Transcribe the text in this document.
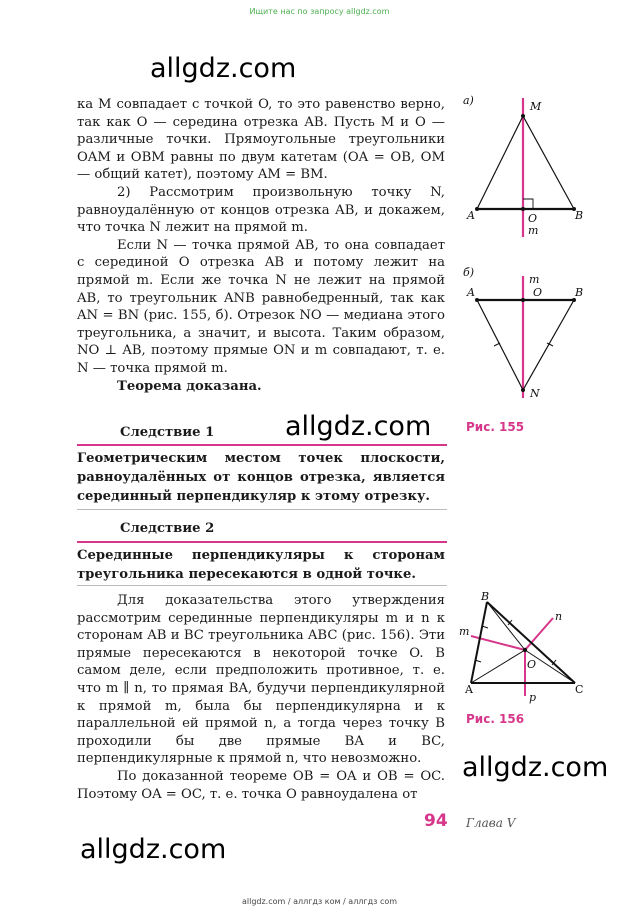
Ищите нас по запросу allgdz.com
allgdz.com

ка M совпадает с точкой O, то это равенство верно, так как O — середина отрезка AB. Пусть M и O — различные точки. Прямоугольные треугольники OAM и OBM равны по двум катетам (OA = OB, OM — общий катет), поэтому AM = BM.

2) Рассмотрим произвольную точку N, равноудалённую от концов отрезка AB, и докажем, что точка N лежит на прямой m.

Если N — точка прямой AB, то она совпадает с серединой O отрезка AB и потому лежит на прямой m. Если же точка N не лежит на прямой AB, то треугольник ANB равнобедренный, так как AN = BN (рис. 155, б). Отрезок NO — медиана этого треугольника, а значит, и высота. Таким образом, NO ⊥ AB, поэтому прямые ON и m совпадают, т. е. N — точка прямой m.

Теорема доказана.

Следствие 1	allgdz.com
Геометрическим местом точек плоскости, равноудалённых от концов отрезка, является серединный перпендикуляр к этому отрезку.
Следствие 2
Серединные перпендикуляры к сторонам треугольника пересекаются в одной точке.

Для доказательства этого утверждения рассмотрим серединные перпендикуляры m и n к сторонам AB и BC треугольника ABC (рис. 156). Эти прямые пересекаются в некоторой точке O. В самом деле, если предположить противное, т. е. что m ∥ n, то прямая BA, будучи перпендикулярной к прямой m, была бы перпендикулярна и к параллельной ей прямой n, а тогда через точку B проходили бы две прямые BA и BC, перпендикулярные к прямой n, что невозможно.

По доказанной теореме OB = OA и OB = OC. Поэтому OA = OC, т. е. точка O равноудалена от

а)	M
A	O	B
m
б)
m
A	O	B
N
Рис. 155
B
n
m
O
A
p
C
Рис. 156
allgdz.com
94 Глава V
allgdz.com
allgdz.com / аллгдз ком / аллгдз com
